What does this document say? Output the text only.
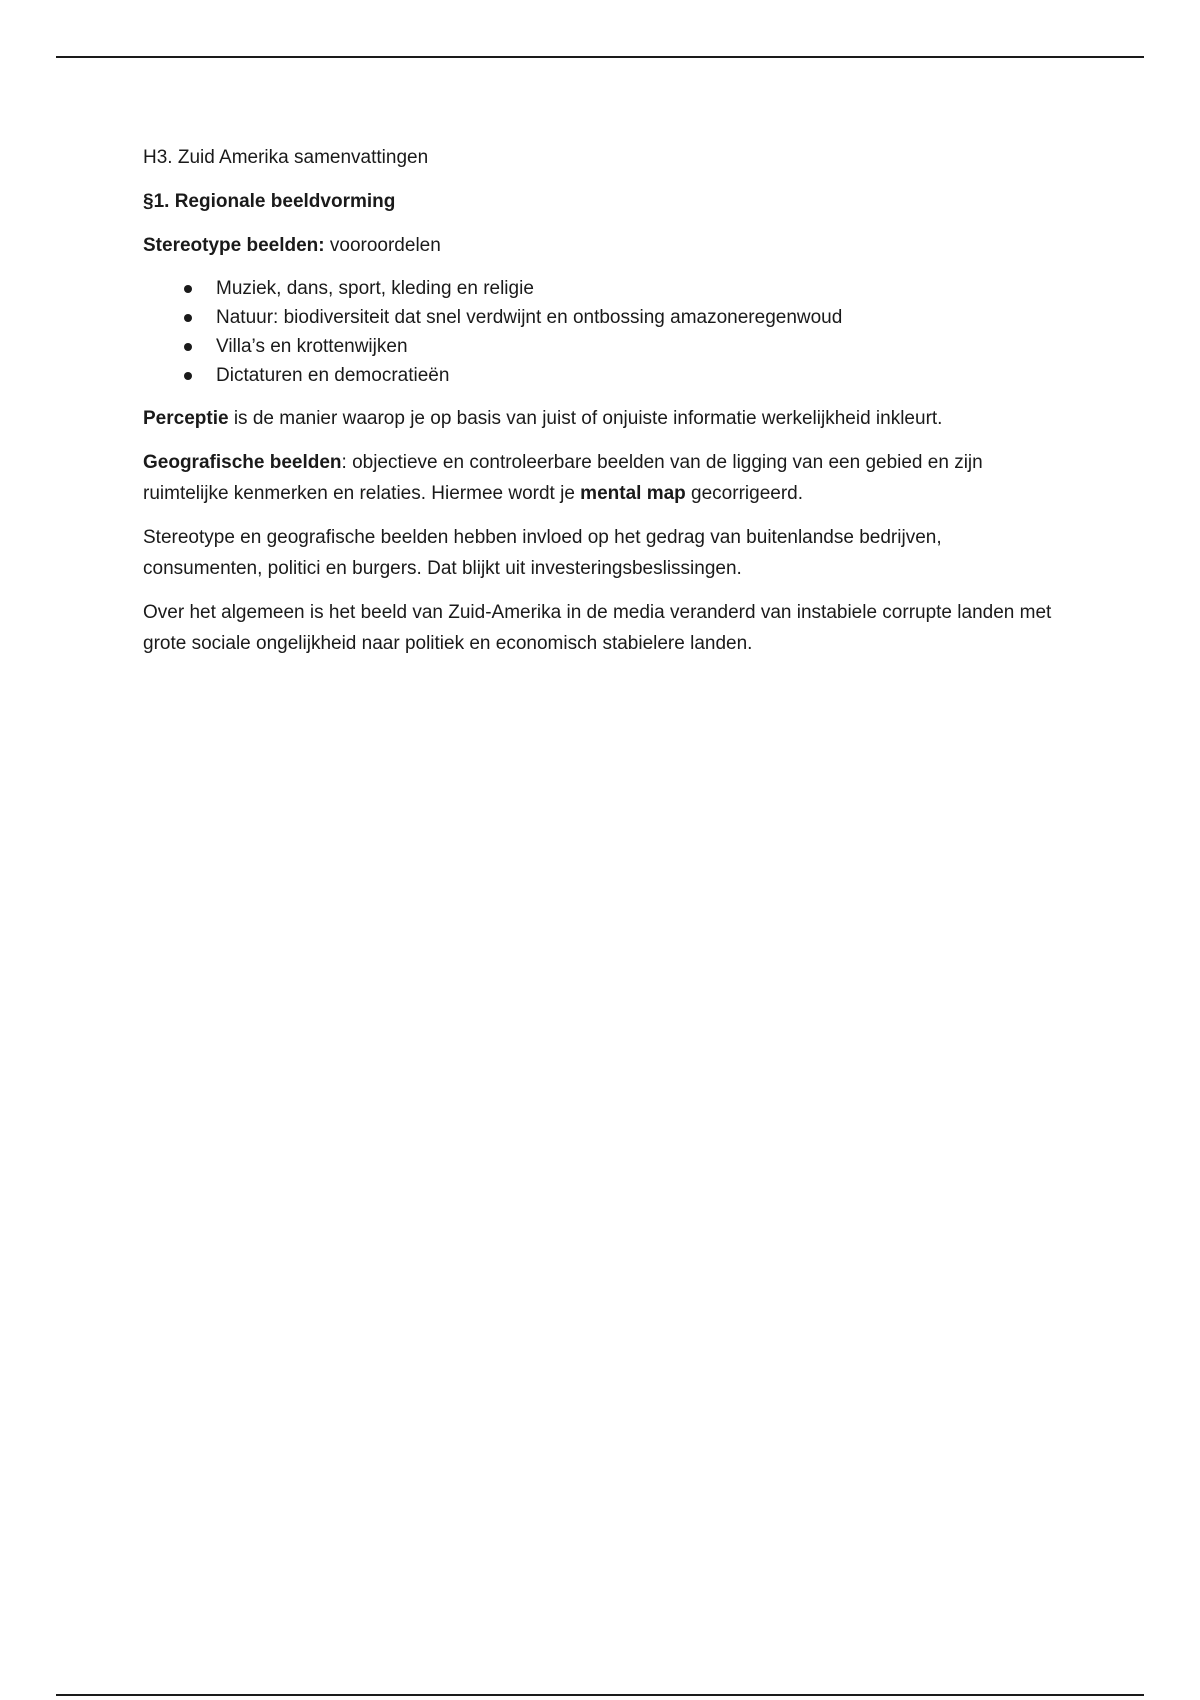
H3. Zuid Amerika samenvattingen

§1. Regionale beeldvorming

Stereotype beelden: vooroordelen

Muziek, dans, sport, kleding en religie
Natuur: biodiversiteit dat snel verdwijnt en ontbossing amazoneregenwoud
Villa’s en krottenwijken
Dictaturen en democratieën

Perceptie is de manier waarop je op basis van juist of onjuiste informatie werkelijkheid inkleurt.

Geografische beelden: objectieve en controleerbare beelden van de ligging van een gebied en zijn ruimtelijke kenmerken en relaties. Hiermee wordt je mental map gecorrigeerd.

Stereotype en geografische beelden hebben invloed op het gedrag van buitenlandse bedrijven, consumenten, politici en burgers. Dat blijkt uit investeringsbeslissingen.

Over het algemeen is het beeld van Zuid-Amerika in de media veranderd van instabiele corrupte landen met grote sociale ongelijkheid naar politiek en economisch stabielere landen.
